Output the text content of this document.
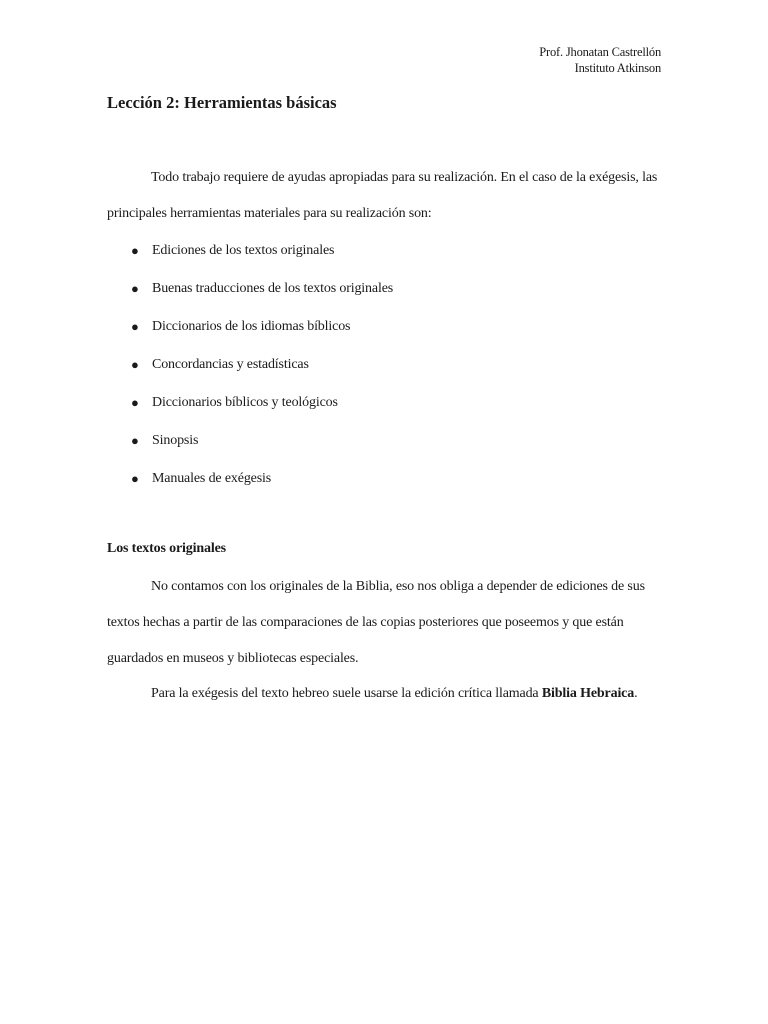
Prof. Jhonatan Castrellón
Instituto Atkinson
Lección 2: Herramientas básicas

Todo trabajo requiere de ayudas apropiadas para su realización. En el caso de la exégesis, las principales herramientas materiales para su realización son:

● Ediciones de los textos originales
● Buenas traducciones de los textos originales
● Diccionarios de los idiomas bíblicos
● Concordancias y estadísticas
● Diccionarios bíblicos y teológicos
● Sinopsis
● Manuales de exégesis
Los textos originales

No contamos con los originales de la Biblia, eso nos obliga a depender de ediciones de sus textos hechas a partir de las comparaciones de las copias posteriores que poseemos y que están guardados en museos y bibliotecas especiales.

Para la exégesis del texto hebreo suele usarse la edición crítica llamada Biblia Hebraica.
